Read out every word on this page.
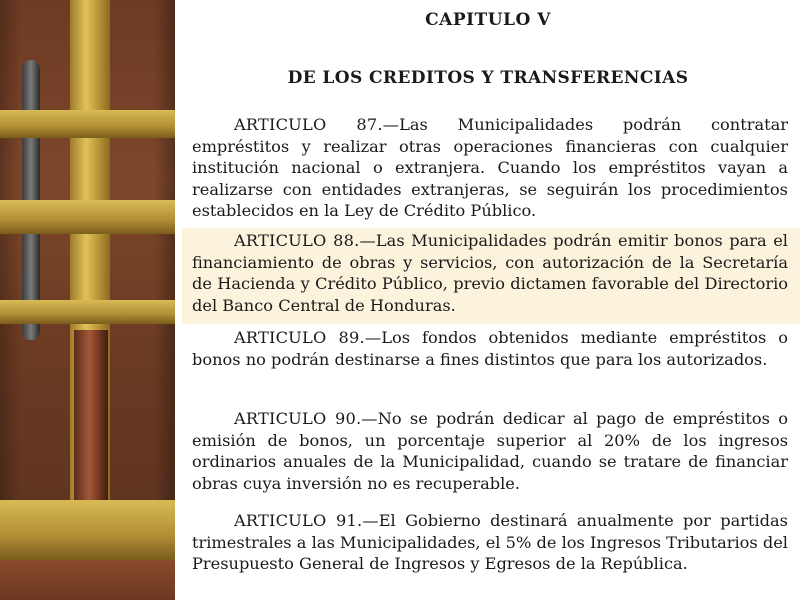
CAPITULO V
DE LOS CREDITOS Y TRANSFERENCIAS

ARTICULO 87.—Las Municipalidades podrán contratar empréstitos y realizar otras operaciones financieras con cualquier institución nacional o extranjera. Cuando los empréstitos vayan a realizarse con entidades extranjeras, se seguirán los procedimientos establecidos en la Ley de Crédito Público.

ARTICULO 88.—Las Municipalidades podrán emitir bonos para el financiamiento de obras y servicios, con autorización de la Secretaría de Hacienda y Crédito Público, previo dictamen favorable del Directorio del Banco Central de Honduras.

ARTICULO 89.—Los fondos obtenidos mediante empréstitos o bonos no podrán destinarse a fines distintos que para los autorizados.

ARTICULO 90.—No se podrán dedicar al pago de empréstitos o emisión de bonos, un porcentaje superior al 20% de los ingresos ordinarios anuales de la Municipalidad, cuando se tratare de financiar obras cuya inversión no es recuperable.

ARTICULO 91.—El Gobierno destinará anualmente por partidas trimestrales a las Municipalidades, el 5% de los Ingresos Tributarios del Presupuesto General de Ingresos y Egresos de la República.
